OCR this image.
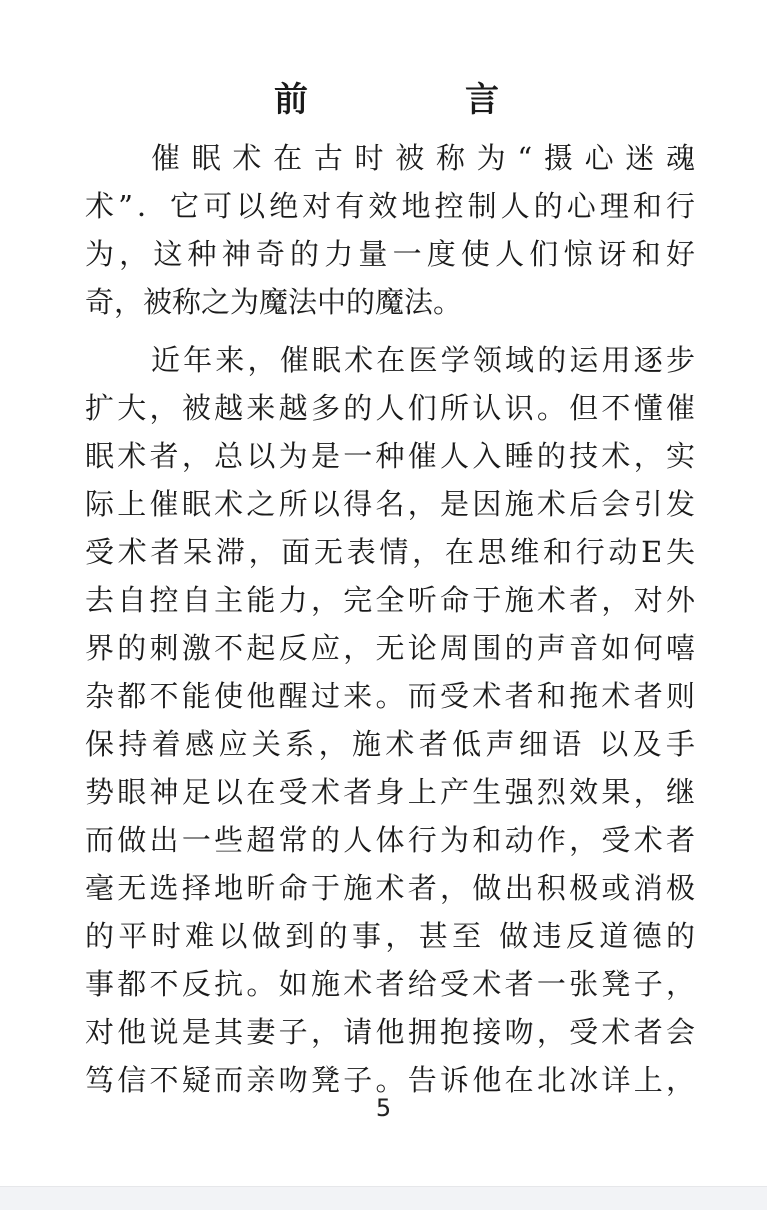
前	言
催眠术在古时被称为“摄心迷魂
术”．它可以绝对有效地控制人的心理和行
为，这种神奇的力量一度使人们惊讶和好
奇，被称之为魔法中的魔法。
近年来，催眠术在医学领域的运用逐步
扩大，被越来越多的人们所认识。但不懂催
眠术者，总以为是一种催人入睡的技术，实
际上催眠术之所以得名，是因施术后会引发
受术者呆滞，面无表情，在思维和行动E失
去自控自主能力，完全听命于施术者，对外
界的刺激不起反应，无论周围的声音如何嘻
杂都不能使他醒过来。而受术者和拖术者则
保持着感应关系，施术者低声细语 以及手
势眼神足以在受术者身上产生强烈效果，继
而做出一些超常的人体行为和动作，受术者
毫无选择地昕命于施术者，做出积极或消极
的平时难以做到的事，甚至 做违反道德的
事都不反抗。如施术者给受术者一张凳子，
对他说是其妻子，请他拥抱接吻，受术者会
笃信不疑而亲吻凳子。告诉他在北冰详上，
5
